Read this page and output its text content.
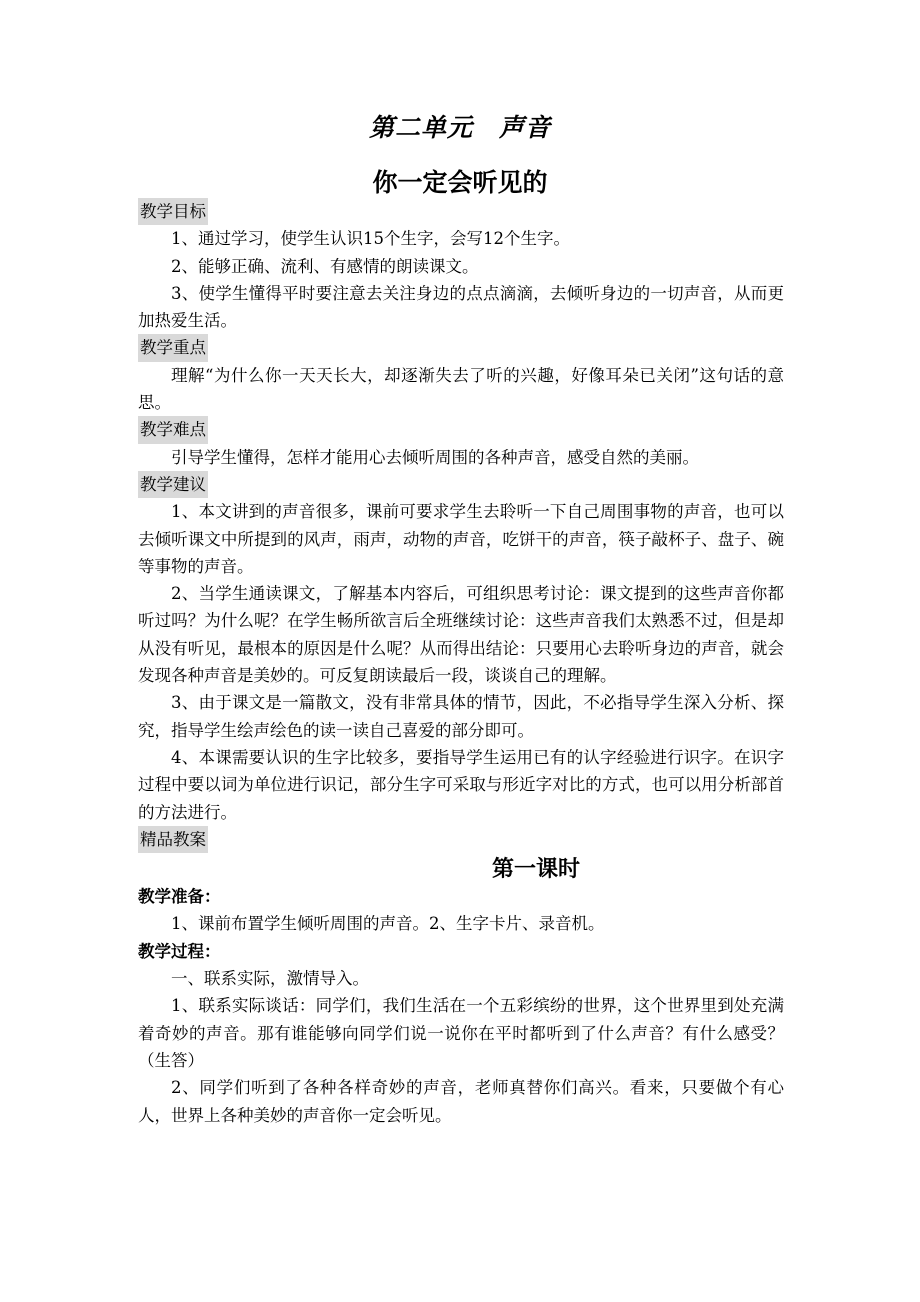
第二单元　声音
你一定会听见的
教学目标

1、通过学习，使学生认识15个生字，会写12个生字。

2、能够正确、流利、有感情的朗读课文。

3、使学生懂得平时要注意去关注身边的点点滴滴，去倾听身边的一切声音，从而更加热爱生活。

教学重点

理解“为什么你一天天长大，却逐渐失去了听的兴趣，好像耳朵已关闭”这句话的意思。

教学难点

引导学生懂得，怎样才能用心去倾听周围的各种声音，感受自然的美丽。

教学建议

1、本文讲到的声音很多，课前可要求学生去聆听一下自己周围事物的声音，也可以去倾听课文中所提到的风声，雨声，动物的声音，吃饼干的声音，筷子敲杯子、盘子、碗等事物的声音。

2、当学生通读课文，了解基本内容后，可组织思考讨论：课文提到的这些声音你都听过吗？为什么呢？在学生畅所欲言后全班继续讨论：这些声音我们太熟悉不过，但是却从没有听见，最根本的原因是什么呢？从而得出结论：只要用心去聆听身边的声音，就会发现各种声音是美妙的。可反复朗读最后一段，谈谈自己的理解。

3、由于课文是一篇散文，没有非常具体的情节，因此，不必指导学生深入分析、探究，指导学生绘声绘色的读一读自己喜爱的部分即可。

4、本课需要认识的生字比较多，要指导学生运用已有的认字经验进行识字。在识字过程中要以词为单位进行识记，部分生字可采取与形近字对比的方式，也可以用分析部首的方法进行。

精品教案
第一课时
教学准备：

1、课前布置学生倾听周围的声音。2、生字卡片、录音机。

教学过程：

一、联系实际，激情导入。

1、联系实际谈话：同学们，我们生活在一个五彩缤纷的世界，这个世界里到处充满着奇妙的声音。那有谁能够向同学们说一说你在平时都听到了什么声音？有什么感受？（生答）

2、同学们听到了各种各样奇妙的声音，老师真替你们高兴。看来，只要做个有心人，世界上各种美妙的声音你一定会听见。
